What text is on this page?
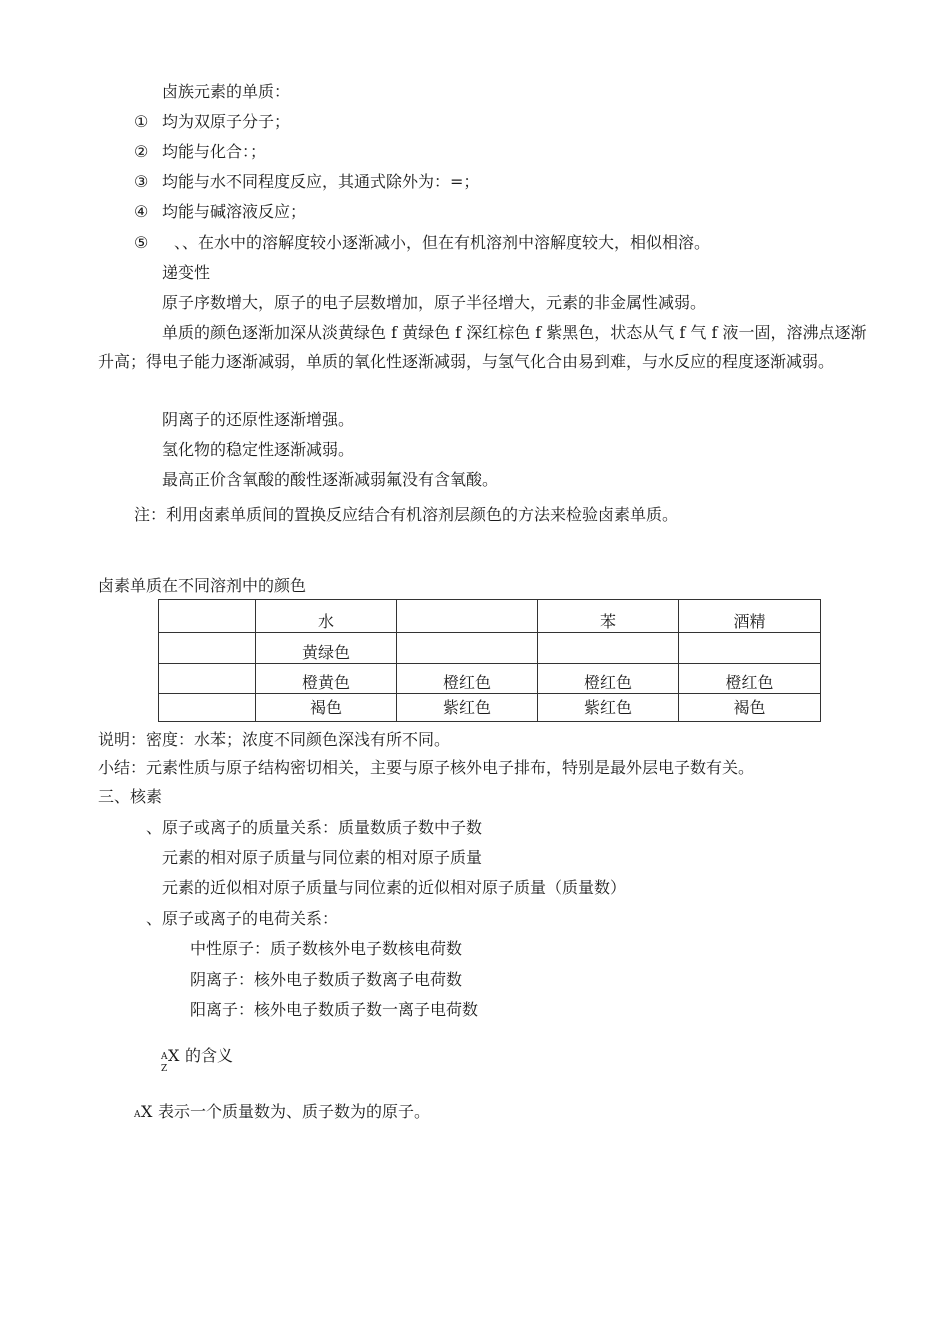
卤族元素的单质：
① 均为双原子分子；
② 均能与化合：；
③ 均能与水不同程度反应，其通式除外为：=；
④ 均能与碱溶液反应；
⑤ 、、在水中的溶解度较小逐渐减小，但在有机溶剂中溶解度较大，相似相溶。
递变性
原子序数增大，原子的电子层数增加，原子半径增大，元素的非金属性减弱。
单质的颜色逐渐加深从淡黄绿色 f 黄绿色 f 深红棕色 f 紫黑色，状态从气 f 气 f 液一固，溶沸点逐渐升高；得电子能力逐渐减弱，单质的氧化性逐渐减弱，与氢气化合由易到难，与水反应的程度逐渐减弱。
阴离子的还原性逐渐增强。
氢化物的稳定性逐渐减弱。
最高正价含氧酸的酸性逐渐减弱氟没有含氧酸。
注：利用卤素单质间的置换反应结合有机溶剂层颜色的方法来检验卤素单质。
卤素单质在不同溶剂中的颜色
	水		苯	酒精
	黄绿色			
	橙黄色	橙红色	橙红色	橙红色
	褐色	紫红色	紫红色	褐色
说明：密度：水苯；浓度不同颜色深浅有所不同。
小结：元素性质与原子结构密切相关，主要与原子核外电子排布，特别是最外层电子数有关。
三、核素
、原子或离子的质量关系：质量数质子数中子数
元素的相对原子质量与同位素的相对原子质量
元素的近似相对原子质量与同位素的近似相对原子质量（质量数）
、原子或离子的电荷关系：
中性原子：质子数核外电子数核电荷数
阴离子：核外电子数质子数离子电荷数
阳离子：核外电子数质子数一离子电荷数
A
Z
X 的含义
A X 表示一个质量数为、质子数为的原子。
